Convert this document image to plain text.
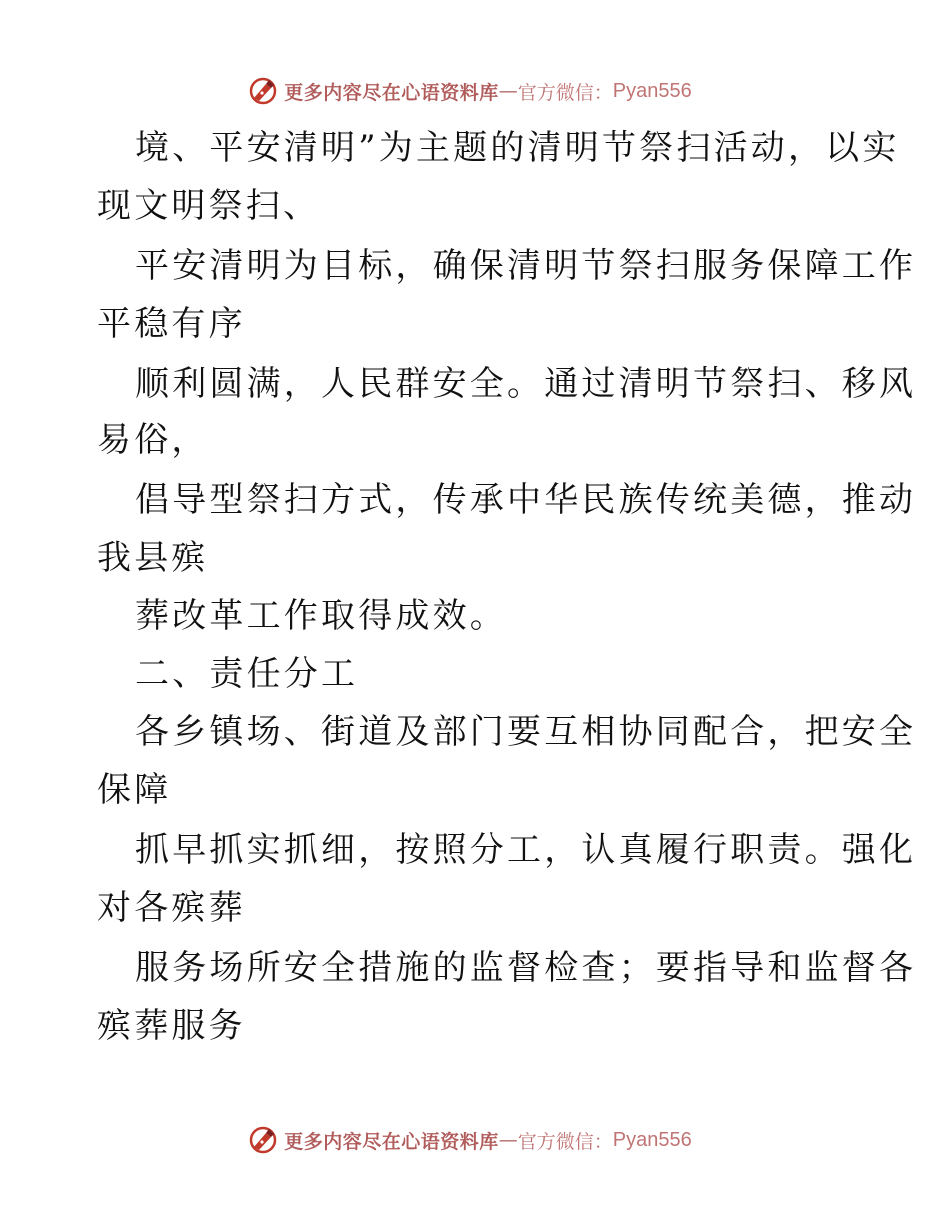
更多内容尽在心语资料库 — 官方微信： Pyan556
境、平安清明”为主题的清明节祭扫活动，以实
现文明祭扫、
平安清明为目标，确保清明节祭扫服务保障工作
平稳有序
顺利圆满，人民群安全。通过清明节祭扫、移风
易俗，
倡导型祭扫方式，传承中华民族传统美德，推动
我县殡
葬改革工作取得成效。
二、责任分工
各乡镇场、街道及部门要互相协同配合，把安全
保障
抓早抓实抓细，按照分工，认真履行职责。强化
对各殡葬
服务场所安全措施的监督检查；要指导和监督各
殡葬服务
更多内容尽在心语资料库 — 官方微信： Pyan556
